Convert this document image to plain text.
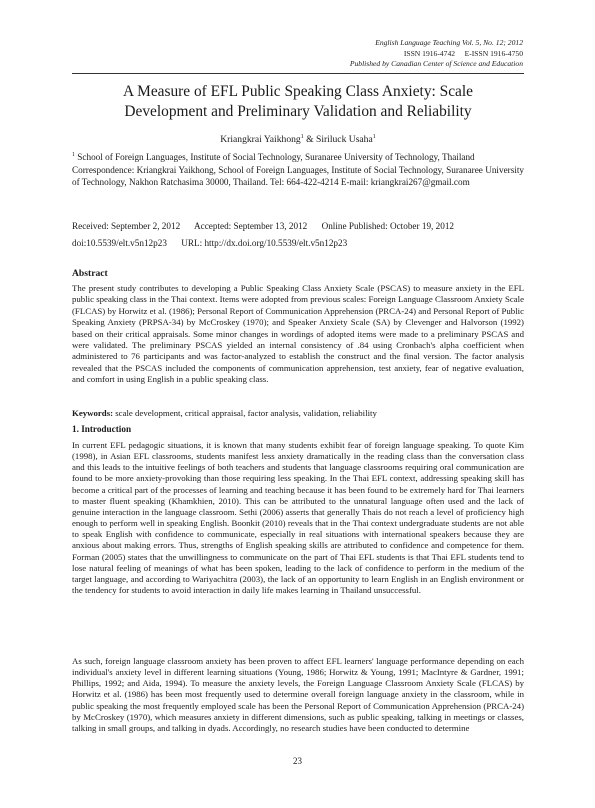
English Language Teaching Vol. 5, No. 12; 2012
ISSN 1916-4742     E-ISSN 1916-4750
Published by Canadian Center of Science and Education
A Measure of EFL Public Speaking Class Anxiety: Scale
Development and Preliminary Validation and Reliability
Kriangkrai Yaikhong$^1$ & Siriluck Usaha$^1$
$^1$ School of Foreign Languages, Institute of Social Technology, Suranaree University of Technology, Thailand
Correspondence: Kriangkrai Yaikhong, School of Foreign Languages, Institute of Social Technology, Suranaree University of Technology, Nakhon Ratchasima 30000, Thailand. Tel: 664-422-4214 E-mail: kriangkrai267@gmail.com
Received: September 2, 2012 Accepted: September 13, 2012 Online Published: October 19, 2012
doi:10.5539/elt.v5n12p23 URL: http://dx.doi.org/10.5539/elt.v5n12p23
Abstract
The present study contributes to developing a Public Speaking Class Anxiety Scale (PSCAS) to measure anxiety in the EFL public speaking class in the Thai context. Items were adopted from previous scales: Foreign Language Classroom Anxiety Scale (FLCAS) by Horwitz et al. (1986); Personal Report of Communication Apprehension (PRCA-24) and Personal Report of Public Speaking Anxiety (PRPSA-34) by McCroskey (1970); and Speaker Anxiety Scale (SA) by Clevenger and Halvorson (1992) based on their critical appraisals. Some minor changes in wordings of adopted items were made to a preliminary PSCAS and were validated. The preliminary PSCAS yielded an internal consistency of .84 using Cronbach's alpha coefficient when administered to 76 participants and was factor-analyzed to establish the construct and the final version. The factor analysis revealed that the PSCAS included the components of communication apprehension, test anxiety, fear of negative evaluation, and comfort in using English in a public speaking class.
Keywords: scale development, critical appraisal, factor analysis, validation, reliability
1. Introduction
In current EFL pedagogic situations, it is known that many students exhibit fear of foreign language speaking. To quote Kim (1998), in Asian EFL classrooms, students manifest less anxiety dramatically in the reading class than the conversation class and this leads to the intuitive feelings of both teachers and students that language classrooms requiring oral communication are found to be more anxiety-provoking than those requiring less speaking. In the Thai EFL context, addressing speaking skill has become a critical part of the processes of learning and teaching because it has been found to be extremely hard for Thai learners to master fluent speaking (Khamkhien, 2010). This can be attributed to the unnatural language often used and the lack of genuine interaction in the language classroom. Sethi (2006) asserts that generally Thais do not reach a level of proficiency high enough to perform well in speaking English. Boonkit (2010) reveals that in the Thai context undergraduate students are not able to speak English with confidence to communicate, especially in real situations with international speakers because they are anxious about making errors. Thus, strengths of English speaking skills are attributed to confidence and competence for them. Forman (2005) states that the unwillingness to communicate on the part of Thai EFL students is that Thai EFL students tend to lose natural feeling of meanings of what has been spoken, leading to the lack of confidence to perform in the medium of the target language, and according to Wariyachitra (2003), the lack of an opportunity to learn English in an English environment or the tendency for students to avoid interaction in daily life makes learning in Thailand unsuccessful.
As such, foreign language classroom anxiety has been proven to affect EFL learners' language performance depending on each individual's anxiety level in different learning situations (Young, 1986; Horwitz & Young, 1991; MacIntyre & Gardner, 1991; Phillips, 1992; and Aida, 1994). To measure the anxiety levels, the Foreign Language Classroom Anxiety Scale (FLCAS) by Horwitz et al. (1986) has been most frequently used to determine overall foreign language anxiety in the classroom, while in public speaking the most frequently employed scale has been the Personal Report of Communication Apprehension (PRCA-24) by McCroskey (1970), which measures anxiety in different dimensions, such as public speaking, talking in meetings or classes, talking in small groups, and talking in dyads. Accordingly, no research studies have been conducted to determine
23
